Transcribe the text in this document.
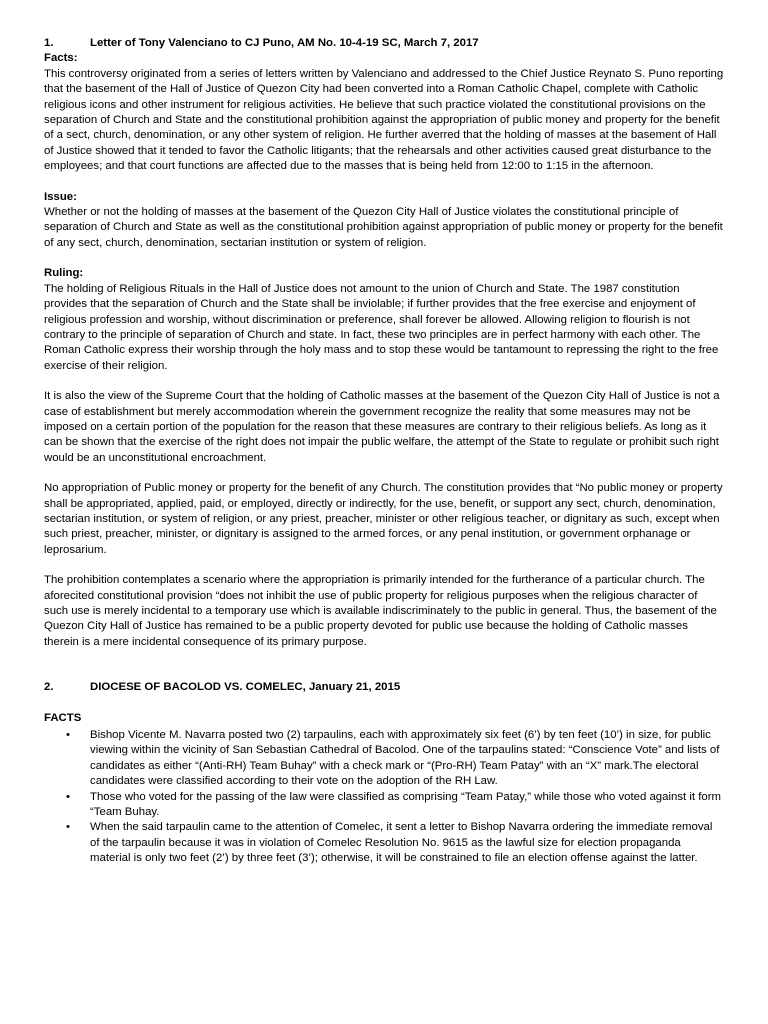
1.	Letter of Tony Valenciano to CJ Puno, AM No. 10-4-19 SC, March 7, 2017
Facts:

This controversy originated from a series of letters written by Valenciano and addressed to the Chief Justice Reynato S. Puno reporting that the basement of the Hall of Justice of Quezon City had been converted into a Roman Catholic Chapel, complete with Catholic religious icons and other instrument for religious activities. He believe that such practice violated the constitutional provisions on the separation of Church and State and the constitutional prohibition against the appropriation of public money and property for the benefit of a sect, church, denomination, or any other system of religion. He further averred that the holding of masses at the basement of Hall of Justice showed that it tended to favor the Catholic litigants; that the rehearsals and other activities caused great disturbance to the employees; and that court functions are affected due to the masses that is being held from 12:00 to 1:15 in the afternoon.

Issue:

Whether or not the holding of masses at the basement of the Quezon City Hall of Justice violates the constitutional principle of separation of Church and State as well as the constitutional prohibition against appropriation of public money or property for the benefit of any sect, church, denomination, sectarian institution or system of religion.

Ruling:

The holding of Religious Rituals in the Hall of Justice does not amount to the union of Church and State. The 1987 constitution provides that the separation of Church and the State shall be inviolable; if further provides that the free exercise and enjoyment of religious profession and worship, without discrimination or preference, shall forever be allowed. Allowing religion to flourish is not contrary to the principle of separation of Church and state. In fact, these two principles are in perfect harmony with each other. The Roman Catholic express their worship through the holy mass and to stop these would be tantamount to repressing the right to the free exercise of their religion.

It is also the view of the Supreme Court that the holding of Catholic masses at the basement of the Quezon City Hall of Justice is not a case of establishment but merely accommodation wherein the government recognize the reality that some measures may not be imposed on a certain portion of the population for the reason that these measures are contrary to their religious beliefs. As long as it can be shown that the exercise of the right does not impair the public welfare, the attempt of the State to regulate or prohibit such right would be an unconstitutional encroachment.

No appropriation of Public money or property for the benefit of any Church. The constitution provides that “No public money or property shall be appropriated, applied, paid, or employed, directly or indirectly, for the use, benefit, or support any sect, church, denomination, sectarian institution, or system of religion, or any priest, preacher, minister or other religious teacher, or dignitary as such, except when such priest, preacher, minister, or dignitary is assigned to the armed forces, or any penal institution, or government orphanage or leprosarium.

The prohibition contemplates a scenario where the appropriation is primarily intended for the furtherance of a particular church. The aforecited constitutional provision “does not inhibit the use of public property for religious purposes when the religious character of such use is merely incidental to a temporary use which is available indiscriminately to the public in general. Thus, the basement of the Quezon City Hall of Justice has remained to be a public property devoted for public use because the holding of Catholic masses therein is a mere incidental consequence of its primary purpose.

2.	DIOCESE OF BACOLOD VS. COMELEC, January 21, 2015
FACTS
• Bishop Vicente M. Navarra posted two (2) tarpaulins, each with approximately six feet (6’) by ten feet (10’) in size, for public viewing within the vicinity of San Sebastian Cathedral of Bacolod. One of the tarpaulins stated: “Conscience Vote” and lists of candidates as either “(Anti-RH) Team Buhay” with a check mark or “(Pro-RH) Team Patay” with an “X” mark.The electoral candidates were classified according to their vote on the adoption of the RH Law.
• Those who voted for the passing of the law were classified as comprising “Team Patay,” while those who voted against it form “Team Buhay.
• When the said tarpaulin came to the attention of Comelec, it sent a letter to Bishop Navarra ordering the immediate removal of the tarpaulin because it was in violation of Comelec Resolution No. 9615 as the lawful size for election propaganda material is only two feet (2’) by three feet (3’); otherwise, it will be constrained to file an election offense against the latter.
